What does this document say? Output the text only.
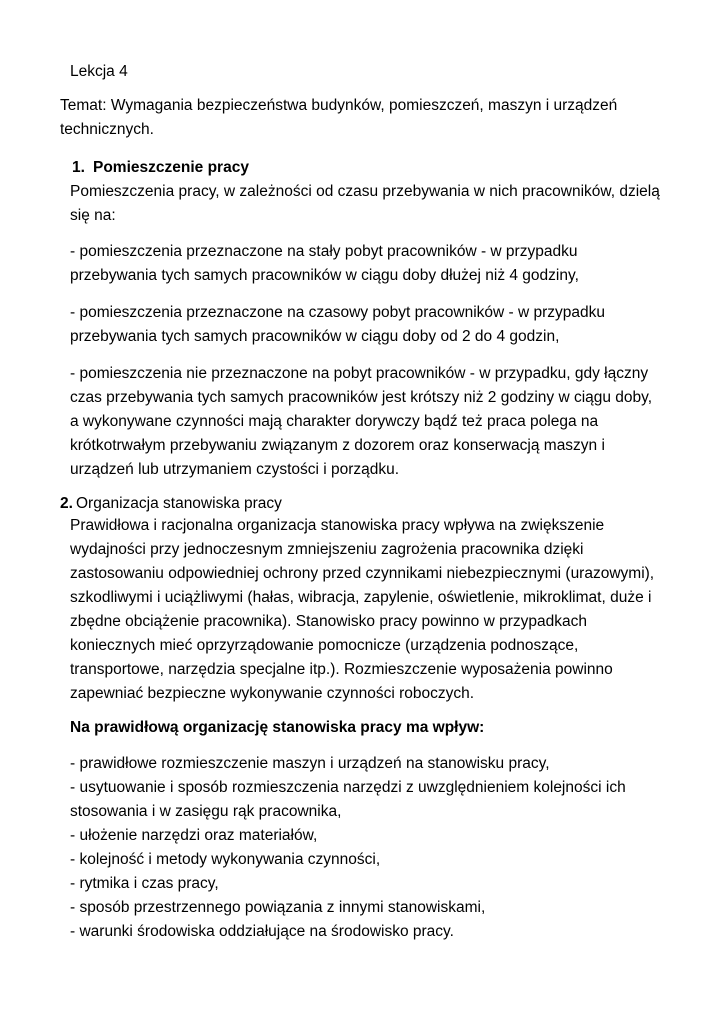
Lekcja 4
Temat: Wymagania bezpieczeństwa budynków, pomieszczeń, maszyn i urządzeń
technicznych.
1. Pomieszczenie pracy
Pomieszczenia pracy, w zależności od czasu przebywania w nich pracowników, dzielą
się na:
- pomieszczenia przeznaczone na stały pobyt pracowników - w przypadku
przebywania tych samych pracowników w ciągu doby dłużej niż 4 godziny,
- pomieszczenia przeznaczone na czasowy pobyt pracowników - w przypadku
przebywania tych samych pracowników w ciągu doby od 2 do 4 godzin,
- pomieszczenia nie przeznaczone na pobyt pracowników - w przypadku, gdy łączny
czas przebywania tych samych pracowników jest krótszy niż 2 godziny w ciągu doby,
a wykonywane czynności mają charakter dorywczy bądź też praca polega na
krótkotrwałym przebywaniu związanym z dozorem oraz konserwacją maszyn i
urządzeń lub utrzymaniem czystości i porządku.
2. Organizacja stanowiska pracy
Prawidłowa i racjonalna organizacja stanowiska pracy wpływa na zwiększenie
wydajności przy jednoczesnym zmniejszeniu zagrożenia pracownika dzięki
zastosowaniu odpowiedniej ochrony przed czynnikami niebezpiecznymi (urazowymi),
szkodliwymi i uciążliwymi (hałas, wibracja, zapylenie, oświetlenie, mikroklimat, duże i
zbędne obciążenie pracownika). Stanowisko pracy powinno w przypadkach
koniecznych mieć oprzyrządowanie pomocnicze (urządzenia podnoszące,
transportowe, narzędzia specjalne itp.). Rozmieszczenie wyposażenia powinno
zapewniać bezpieczne wykonywanie czynności roboczych.
Na prawidłową organizację stanowiska pracy ma wpływ:
- prawidłowe rozmieszczenie maszyn i urządzeń na stanowisku pracy,
- usytuowanie i sposób rozmieszczenia narzędzi z uwzględnieniem kolejności ich
stosowania i w zasięgu rąk pracownika,
- ułożenie narzędzi oraz materiałów,
- kolejność i metody wykonywania czynności,
- rytmika i czas pracy,
- sposób przestrzennego powiązania z innymi stanowiskami,
- warunki środowiska oddziałujące na środowisko pracy.
